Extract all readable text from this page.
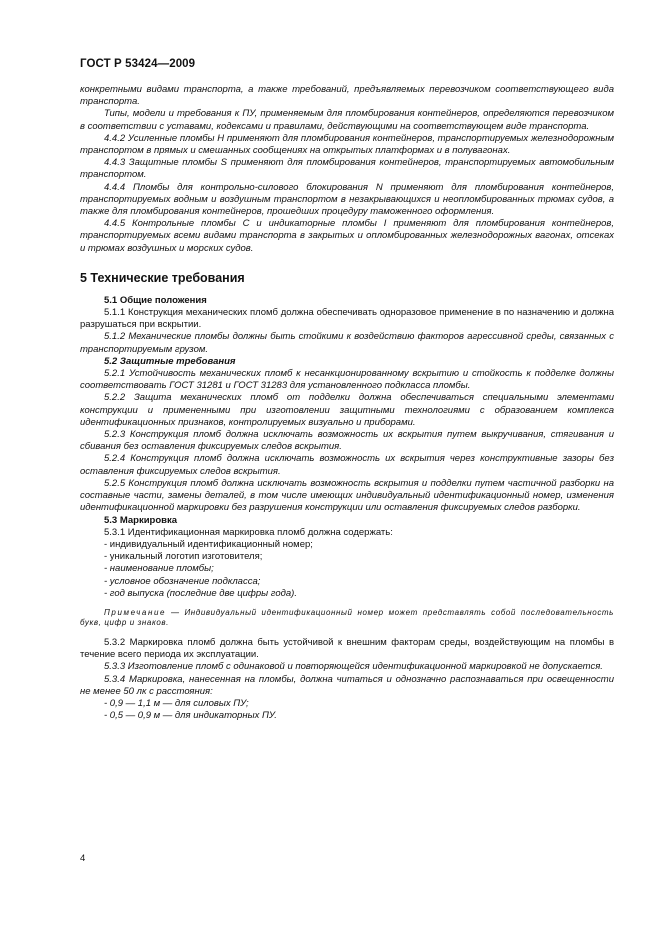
ГОСТ Р 53424—2009

конкретными видами транспорта, а также требований, предъявляемых перевозчиком соответствующего вида транспорта.

Типы, модели и требования к ПУ, применяемым для пломбирования контейнеров, определяются перевозчиком в соответствии с уставами, кодексами и правилами, действующими на соответствующем виде транспорта.

4.4.2 Усиленные пломбы H применяют для пломбирования контейнеров, транспортируемых железнодорожным транспортом в прямых и смешанных сообщениях на открытых платформах и в полувагонах.

4.4.3 Защитные пломбы S применяют для пломбирования контейнеров, транспортируемых автомобильным транспортом.

4.4.4 Пломбы для контрольно-силового блокирования N применяют для пломбирования контейнеров, транспортируемых водным и воздушным транспортом в незакрывающихся и неопломбированных трюмах судов, а также для пломбирования контейнеров, прошедших процедуру таможенного оформления.

4.4.5 Контрольные пломбы C и индикаторные пломбы I применяют для пломбирования контейнеров, транспортируемых всеми видами транспорта в закрытых и опломбированных железнодорожных вагонах, отсеках и трюмах воздушных и морских судов.

5 Технические требования
5.1 Общие положения

5.1.1 Конструкция механических пломб должна обеспечивать одноразовое применение в по назначению и должна разрушаться при вскрытии.

5.1.2 Механические пломбы должны быть стойкими к воздействию факторов агрессивной среды, связанных с транспортируемым грузом.

5.2 Защитные требования

5.2.1 Устойчивость механических пломб к несанкционированному вскрытию и стойкость к подделке должны соответствовать ГОСТ 31281 и ГОСТ 31283 для установленного подкласса пломбы.

5.2.2 Защита механических пломб от подделки должна обеспечиваться специальными элементами конструкции и примененными при изготовлении защитными технологиями с образованием комплекса идентификационных признаков, контролируемых визуально и приборами.

5.2.3 Конструкция пломб должна исключать возможность их вскрытия путем выкручивания, стягивания и сбивания без оставления фиксируемых следов вскрытия.

5.2.4 Конструкция пломб должна исключать возможность их вскрытия через конструктивные зазоры без оставления фиксируемых следов вскрытия.

5.2.5 Конструкция пломб должна исключать возможность вскрытия и подделки путем частичной разборки на составные части, замены деталей, в том числе имеющих индивидуальный идентификационный номер, изменения идентификационной маркировки без разрушения конструкции или оставления фиксируемых следов разборки.

5.3 Маркировка

5.3.1 Идентификационная маркировка пломб должна содержать:

- индивидуальный идентификационный номер;
- уникальный логотип изготовителя;
- наименование пломбы;
- условное обозначение подкласса;
- год выпуска (последние две цифры года).
Примечание — Индивидуальный идентификационный номер может представлять собой последовательность букв, цифр и знаков.

5.3.2 Маркировка пломб должна быть устойчивой к внешним факторам среды, воздействующим на пломбы в течение всего периода их эксплуатации.

5.3.3 Изготовление пломб с одинаковой и повторяющейся идентификационной маркировкой не допускается.

5.3.4 Маркировка, нанесенная на пломбы, должна читаться и однозначно распознаваться при освещенности не менее 50 лк с расстояния:

- 0,9 — 1,1 м — для силовых ПУ;
- 0,5 — 0,9 м — для индикаторных ПУ.
4
